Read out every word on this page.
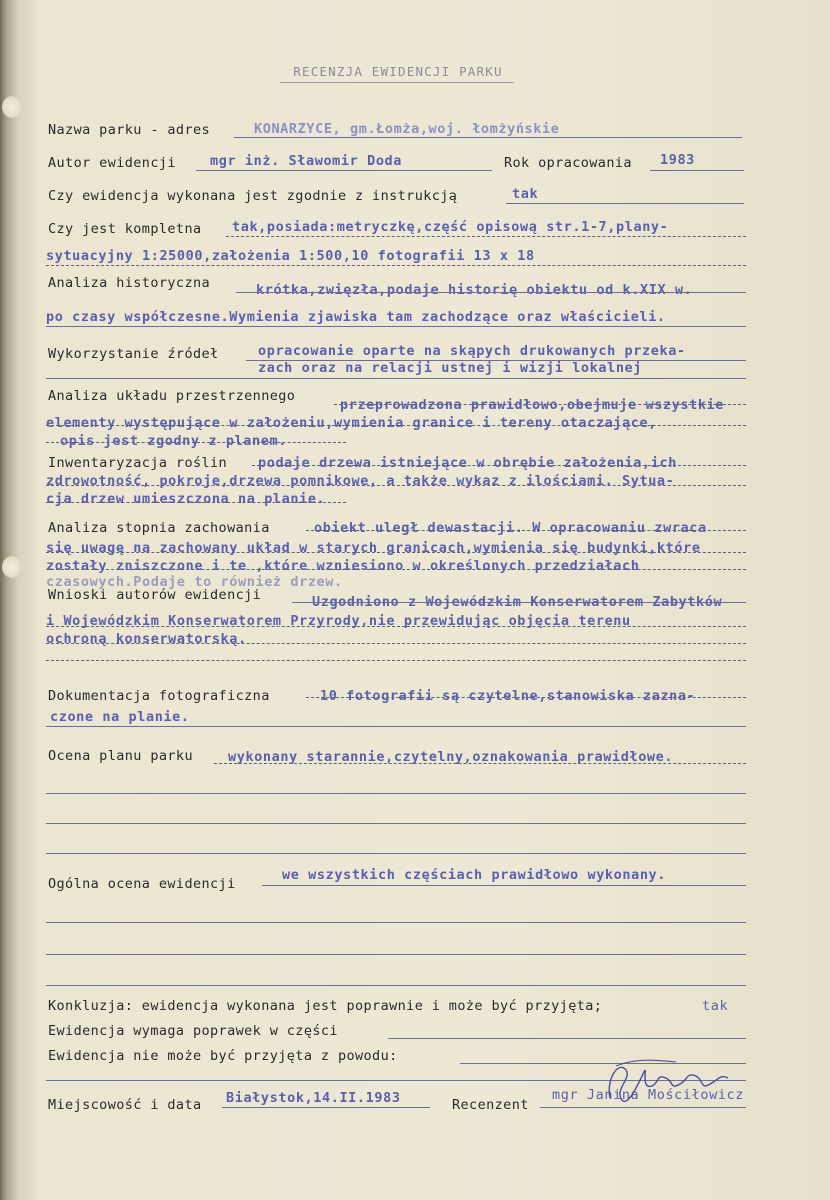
RECENZJA EWIDENCJI PARKU
Nazwa parku - adres	KONARZYCE, gm.Łomża,woj. łomżyńskie
Autor ewidencji	mgr inż. Sławomir Doda	Rok opracowania 1983
Czy ewidencja wykonana jest zgodnie z instrukcją	tak
Czy jest kompletna tak,posiada:metryczkę,część opisową str.1-7,plany-
sytuacyjny 1:25000,założenia 1:500,10 fotografii 13 x 18
Analiza historyczna	krótka,zwięzła,podaje historię obiektu od k.XIX w.
po czasy współczesne.Wymienia zjawiska tam zachodzące oraz właścicieli.
Wykorzystanie źródeł	opracowanie oparte na skąpych drukowanych przeka-
zach oraz na relacji ustnej i wizji lokalnej
Analiza układu przestrzennego
przeprowadzona prawidłowo,obejmuje wszystkie
elementy występujące w założeniu,wymienia granice i tereny otaczające,
opis jest zgodny z planem.
Inwentaryzacja roślin podaje drzewa istniejące w obrębie założenia,ich
zdrowotność, pokroje,drzewa pomnikowe, a także wykaz z ilościami. Sytua-
cja drzew umieszczona na planie.
Analiza stopnia zachowania	obiekt uległ dewastacji. W opracowaniu zwraca
się uwagę na zachowany układ w starych granicach,wymienia się budynki,które
zostały zniszczone i te ,które wzniesiono w określonych przedziałach
czasowych.Podaje to również drzew.
Wnioski autorów ewidencji	Uzgodniono z Wojewódzkim Konserwatorem Zabytków
i Wojewódzkim Konserwatorem Przyrody,nie przewidując objęcia terenu
ochroną konserwatorską.
Dokumentacja fotograficzna	10 fotografii są czytelne,stanowiska zazna-
czone na planie.
Ocena planu parku	wykonany starannie,czytelny,oznakowania prawidłowe.
Ogólna ocena ewidencji
we wszystkich częściach prawidłowo wykonany.
Konkluzja: ewidencja wykonana jest poprawnie i może być przyjęta;	tak
Ewidencja wymaga poprawek w części
Ewidencja nie może być przyjęta z powodu:
Miejscowość i data Białystok,14.II.1983	Recenzent
mgr Janina Mościłowicz
